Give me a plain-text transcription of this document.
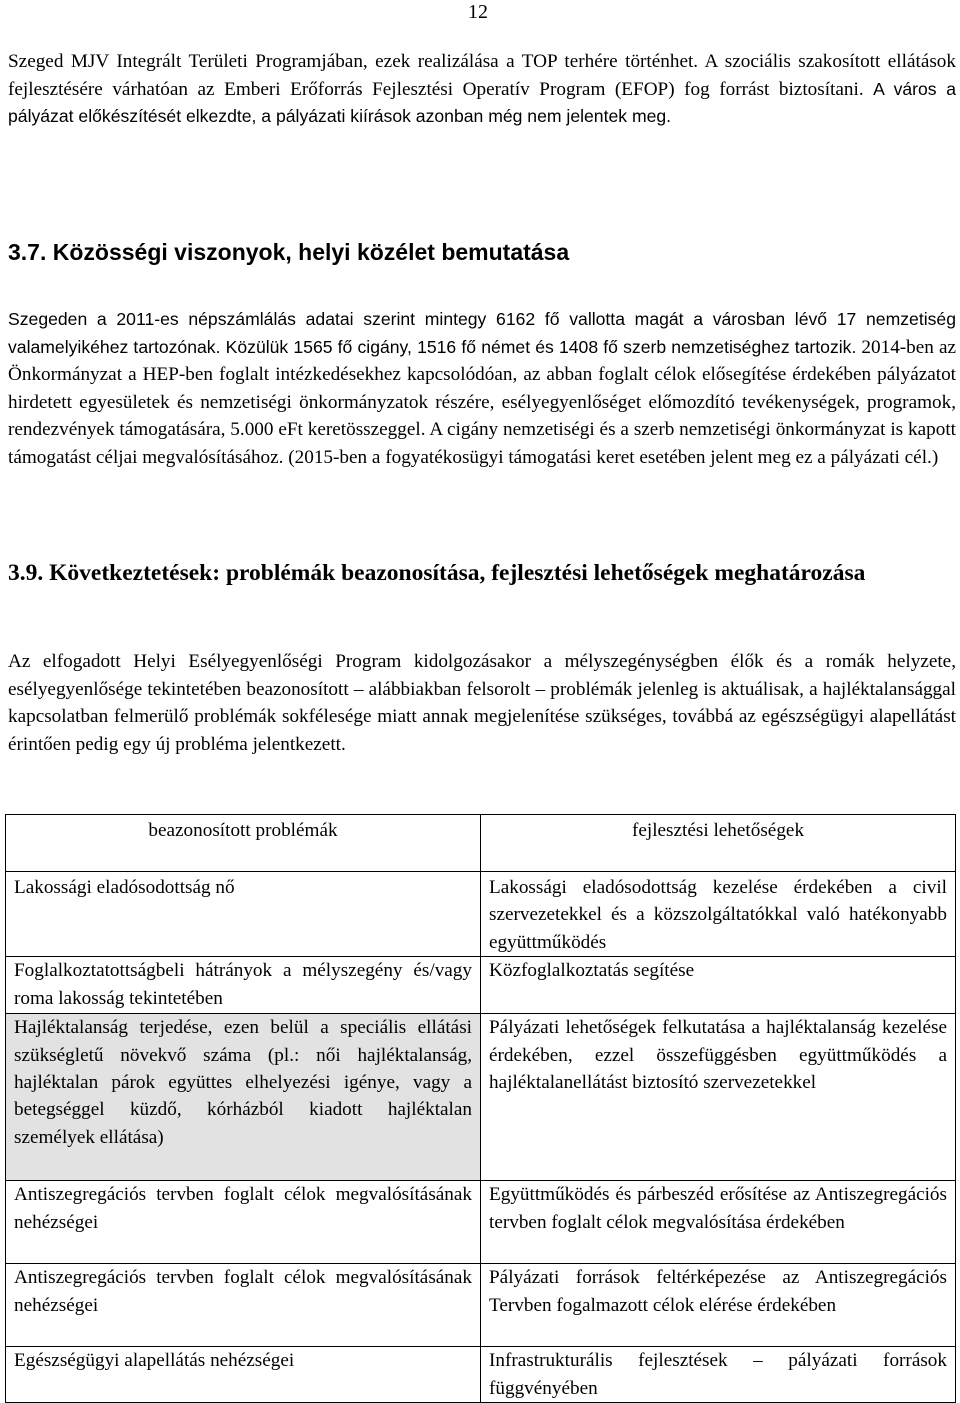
12

Szeged MJV Integrált Területi Programjában, ezek realizálása a TOP terhére történhet. A szociális szakosított ellátások fejlesztésére várhatóan az Emberi Erőforrás Fejlesztési Operatív Program (EFOP) fog forrást biztosítani. A város a pályázat előkészítését elkezdte, a pályázati kiírások azonban még nem jelentek meg.

3.7. Közösségi viszonyok, helyi közélet bemutatása

Szegeden a 2011-es népszámlálás adatai szerint mintegy 6162 fő vallotta magát a városban lévő 17 nemzetiség valamelyikéhez tartozónak. Közülük 1565 fő cigány, 1516 fő német és 1408 fő szerb nemzetiséghez tartozik. 2014-ben az Önkormányzat a HEP-ben foglalt intézkedésekhez kapcsolódóan, az abban foglalt célok elősegítése érdekében pályázatot hirdetett egyesületek és nemzetiségi önkormányzatok részére, esélyegyenlőséget előmozdító tevékenységek, programok, rendezvények támogatására, 5.000 eFt keretösszeggel. A cigány nemzetiségi és a szerb nemzetiségi önkormányzat is kapott támogatást céljai megvalósításához. (2015-ben a fogyatékosügyi támogatási keret esetében jelent meg ez a pályázati cél.)

3.9. Következtetések: problémák beazonosítása, fejlesztési lehetőségek meghatározása

Az elfogadott Helyi Esélyegyenlőségi Program kidolgozásakor a mélyszegénységben élők és a romák helyzete, esélyegyenlősége tekintetében beazonosított – alábbiakban felsorolt – problémák jelenleg is aktuálisak, a hajléktalansággal kapcsolatban felmerülő problémák sokfélesége miatt annak megjelenítése szükséges, továbbá az egészségügyi alapellátást érintően pedig egy új probléma jelentkezett.

beazonosított problémák	fejlesztési lehetőségek
Lakossági eladósodottság nő	Lakossági eladósodottság kezelése érdekében a civil szervezetekkel és a közszolgáltatókkal való hatékonyabb együttműködés
Foglalkoztatottságbeli hátrányok a mélyszegény és/vagy roma lakosság tekintetében	Közfoglalkoztatás segítése
Hajléktalanság terjedése, ezen belül a speciális ellátási szükségletű növekvő száma (pl.: női hajléktalanság, hajléktalan párok együttes elhelyezési igénye, vagy a betegséggel küzdő, kórházból kiadott hajléktalan személyek ellátása)	Pályázati lehetőségek felkutatása a hajléktalanság kezelése érdekében, ezzel összefüggésben együttműködés a hajléktalanellátást biztosító szervezetekkel
Antiszegregációs tervben foglalt célok megvalósításának nehézségei	Együttműködés és párbeszéd erősítése az Antiszegregációs tervben foglalt célok megvalósítása érdekében
Antiszegregációs tervben foglalt célok megvalósításának nehézségei	Pályázati források feltérképezése az Antiszegregációs Tervben fogalmazott célok elérése érdekében
Egészségügyi alapellátás nehézségei	Infrastrukturális fejlesztések – pályázati források függvényében
